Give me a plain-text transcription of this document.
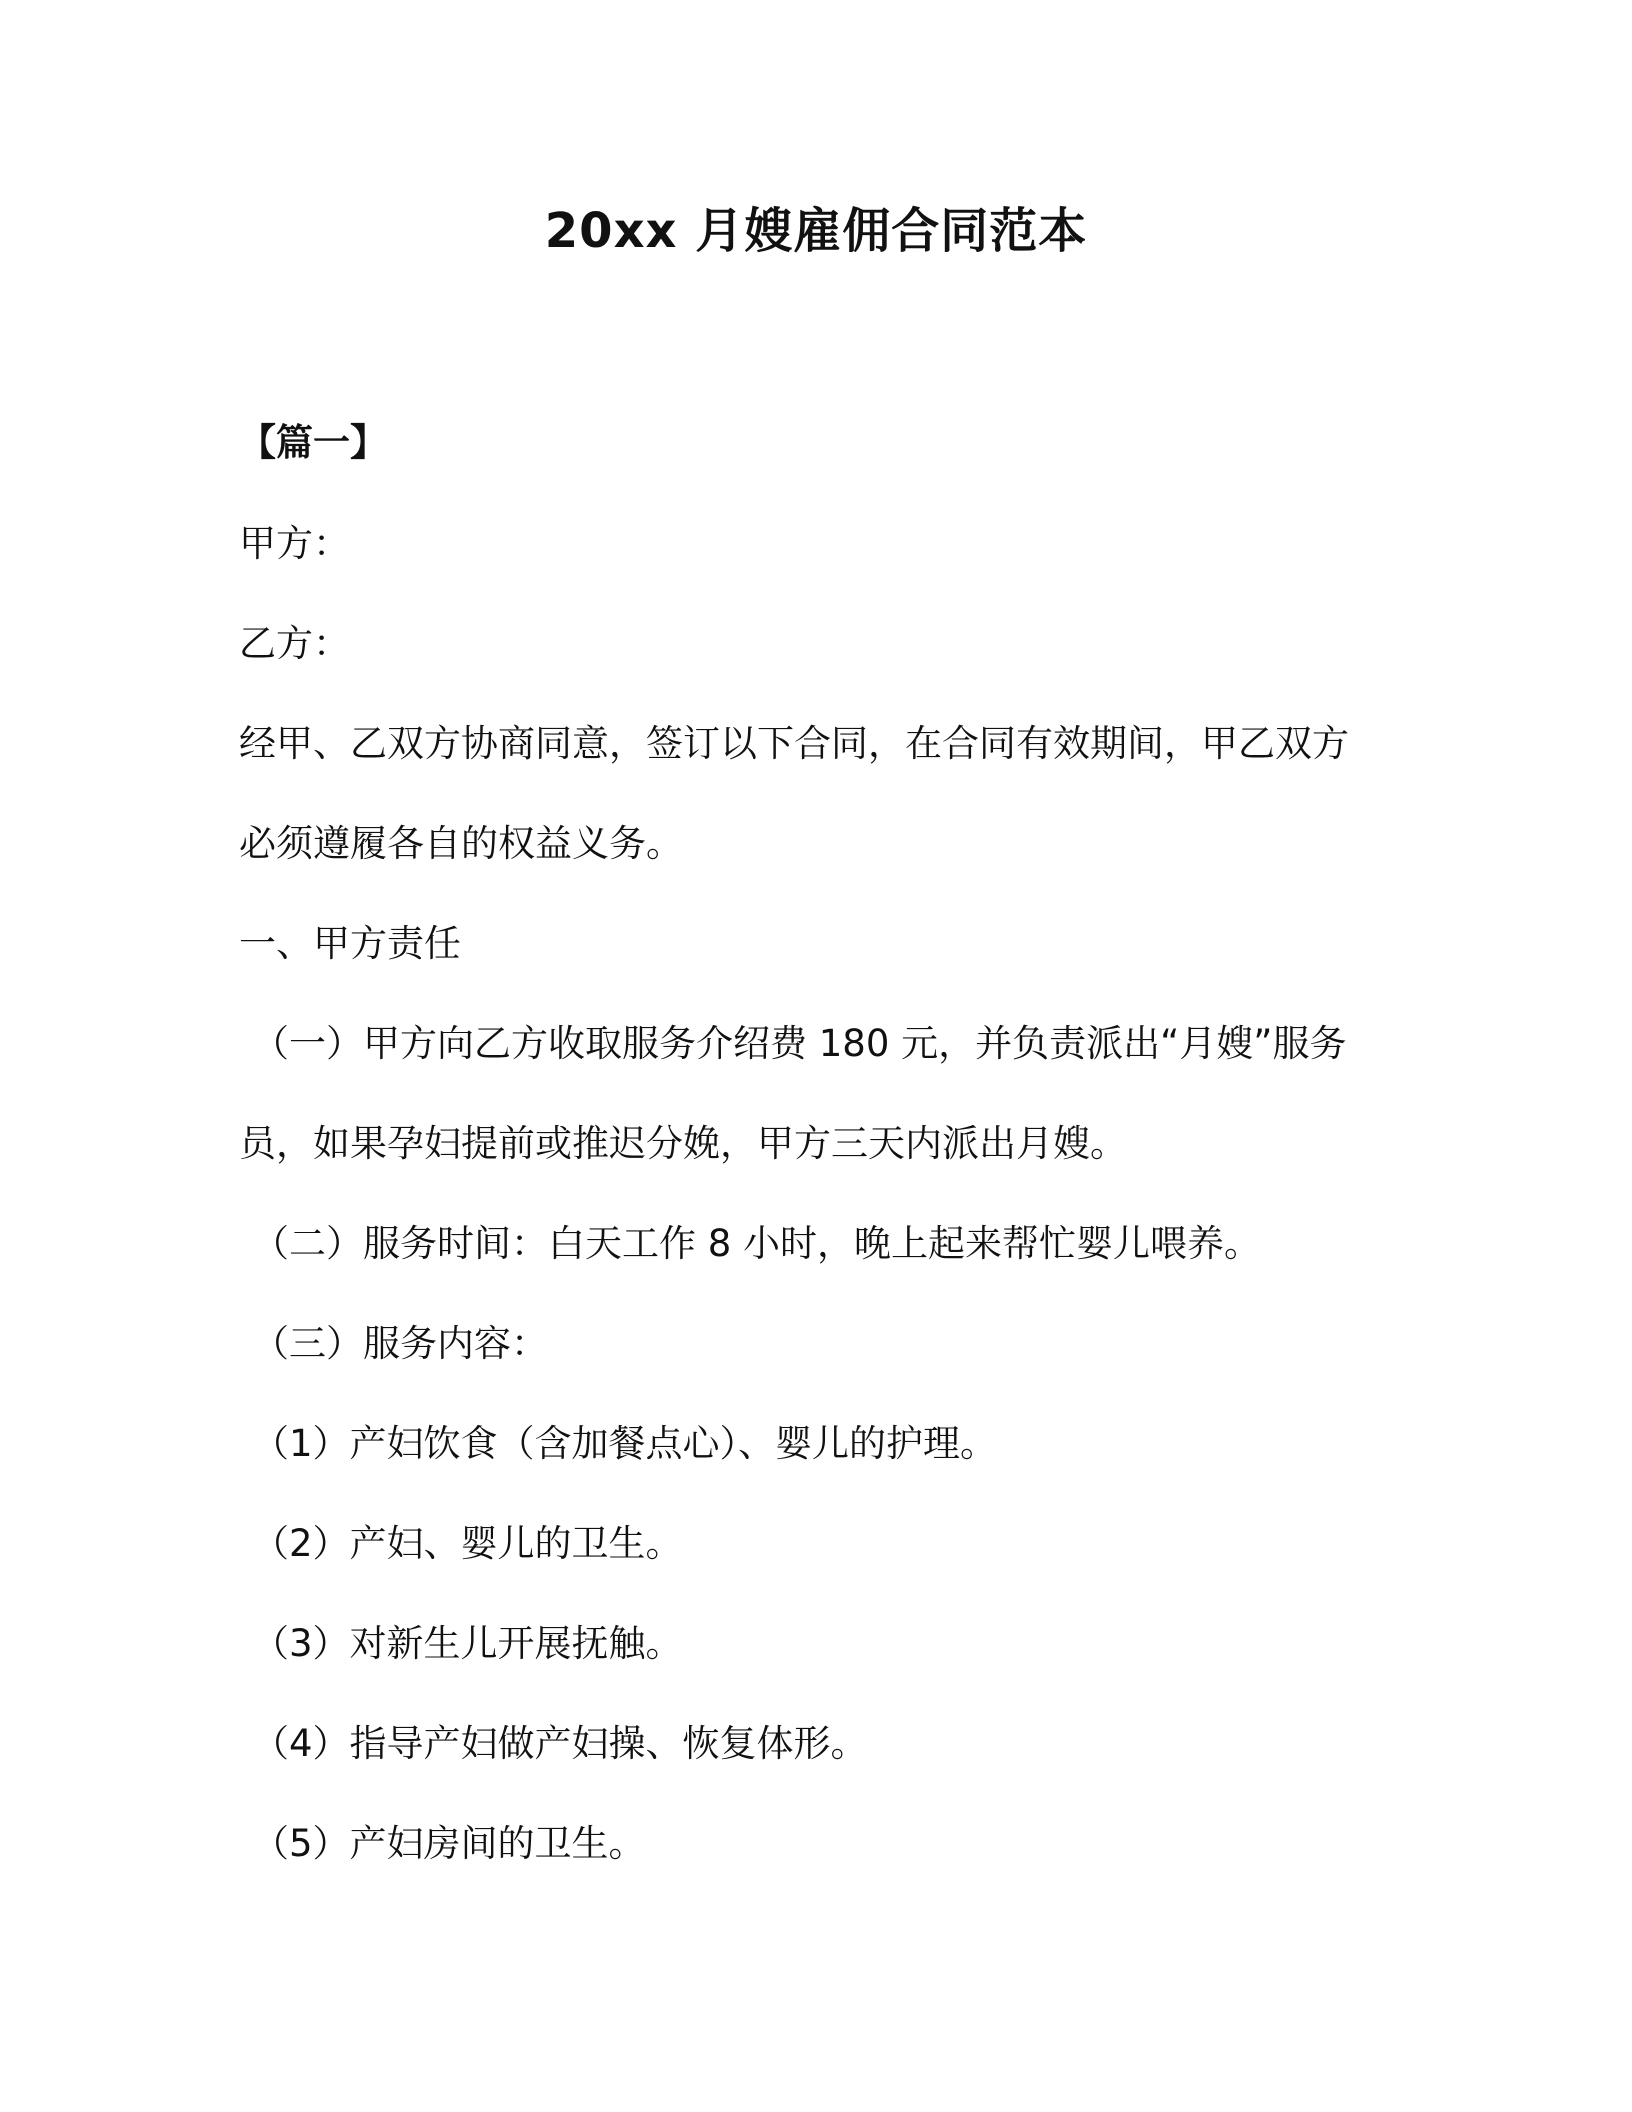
20xx 月嫂雇佣合同范本
【篇一】
甲方：
乙方：
经甲、乙双方协商同意，签订以下合同，在合同有效期间，甲乙双方
必须遵履各自的权益义务。
一、甲方责任
（一）甲方向乙方收取服务介绍费 180 元，并负责派出“月嫂”服务
员，如果孕妇提前或推迟分娩，甲方三天内派出月嫂。
（二）服务时间：白天工作 8 小时，晚上起来帮忙婴儿喂养。
（三）服务内容：
（1）产妇饮食（含加餐点心）、婴儿的护理。
（2）产妇、婴儿的卫生。
（3）对新生儿开展抚触。
（4）指导产妇做产妇操、恢复体形。
（5）产妇房间的卫生。
